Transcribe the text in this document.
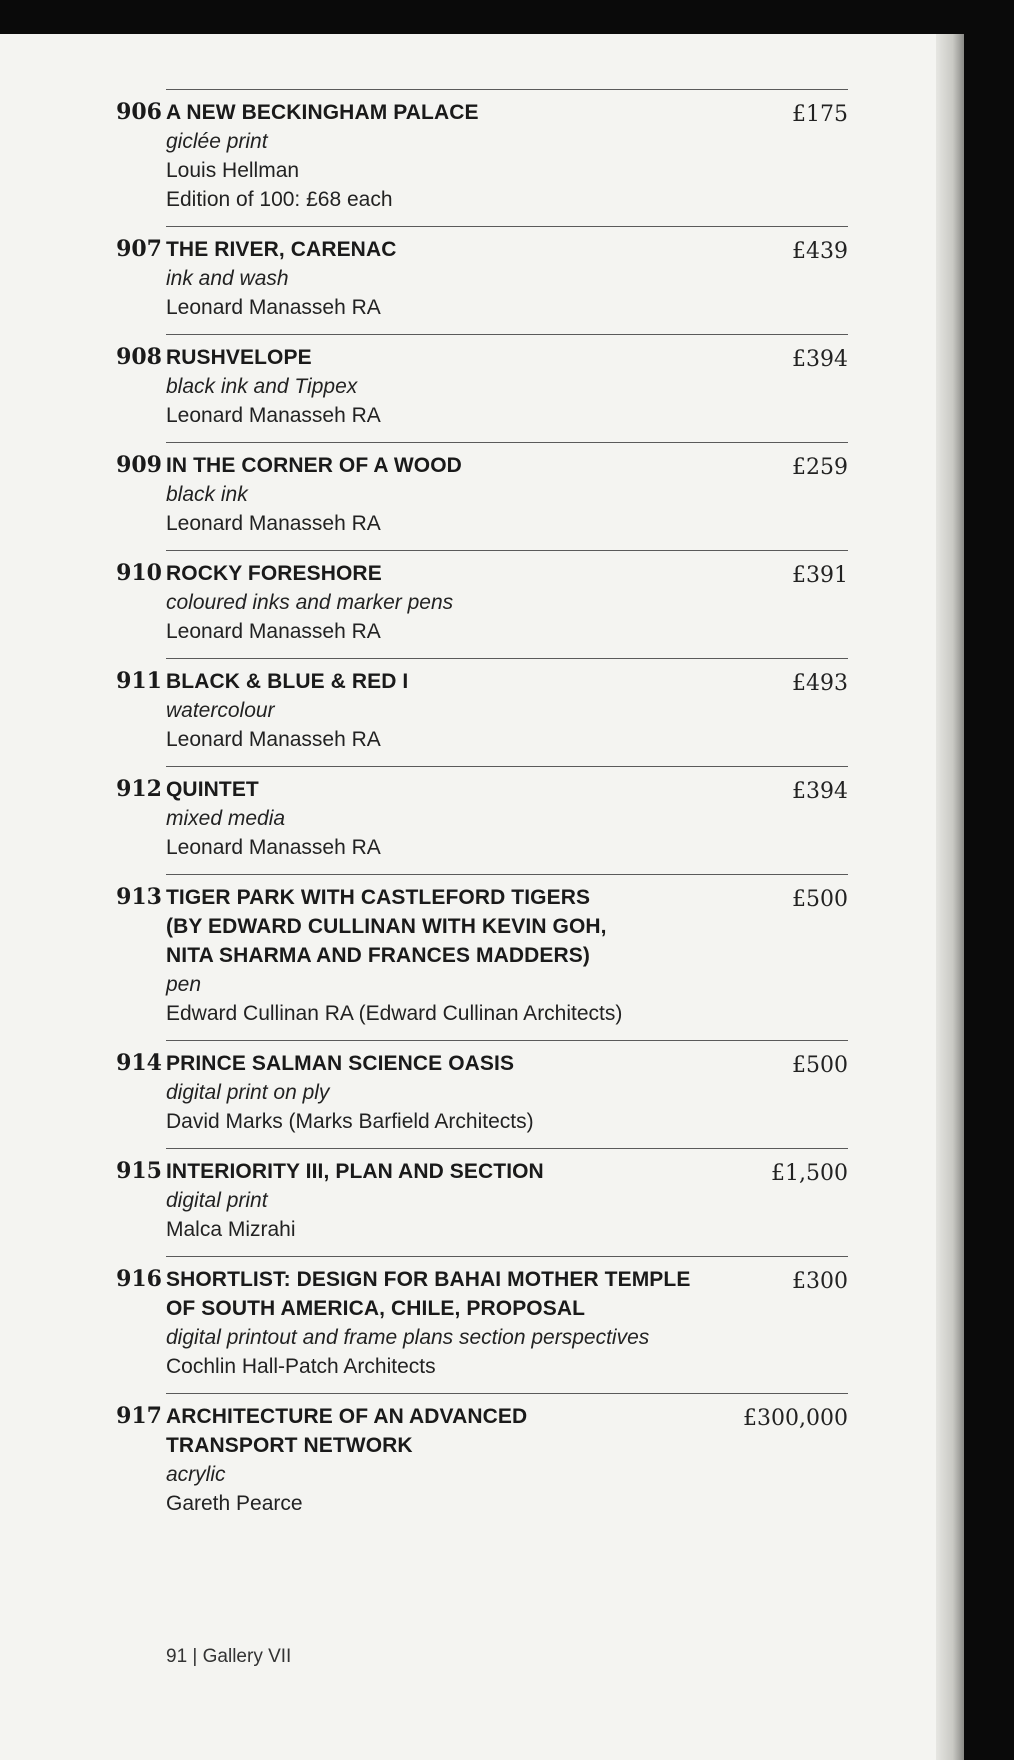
906 A NEW BECKINGHAM PALACE
giclée print
Louis Hellman
Edition of 100: £68 each
£175
907 THE RIVER, CARENAC
ink and wash
Leonard Manasseh RA
£439
908 RUSHVELOPE
black ink and Tippex
Leonard Manasseh RA
£394
909 IN THE CORNER OF A WOOD
black ink
Leonard Manasseh RA
£259
910 ROCKY FORESHORE
coloured inks and marker pens
Leonard Manasseh RA
£391
911 BLACK & BLUE & RED I
watercolour
Leonard Manasseh RA
£493
912 QUINTET
mixed media
Leonard Manasseh RA
£394
913 TIGER PARK WITH CASTLEFORD TIGERS
(BY EDWARD CULLINAN WITH KEVIN GOH,
NITA SHARMA AND FRANCES MADDERS)
pen
Edward Cullinan RA (Edward Cullinan Architects)
£500
914 PRINCE SALMAN SCIENCE OASIS
digital print on ply
David Marks (Marks Barfield Architects)
£500
915 INTERIORITY III, PLAN AND SECTION
digital print
Malca Mizrahi
£1,500
916 SHORTLIST: DESIGN FOR BAHAI MOTHER TEMPLE
OF SOUTH AMERICA, CHILE, PROPOSAL
digital printout and frame plans section perspectives
Cochlin Hall-Patch Architects
£300
917 ARCHITECTURE OF AN ADVANCED
TRANSPORT NETWORK
acrylic
Gareth Pearce
£300,000
91 | Gallery VII
